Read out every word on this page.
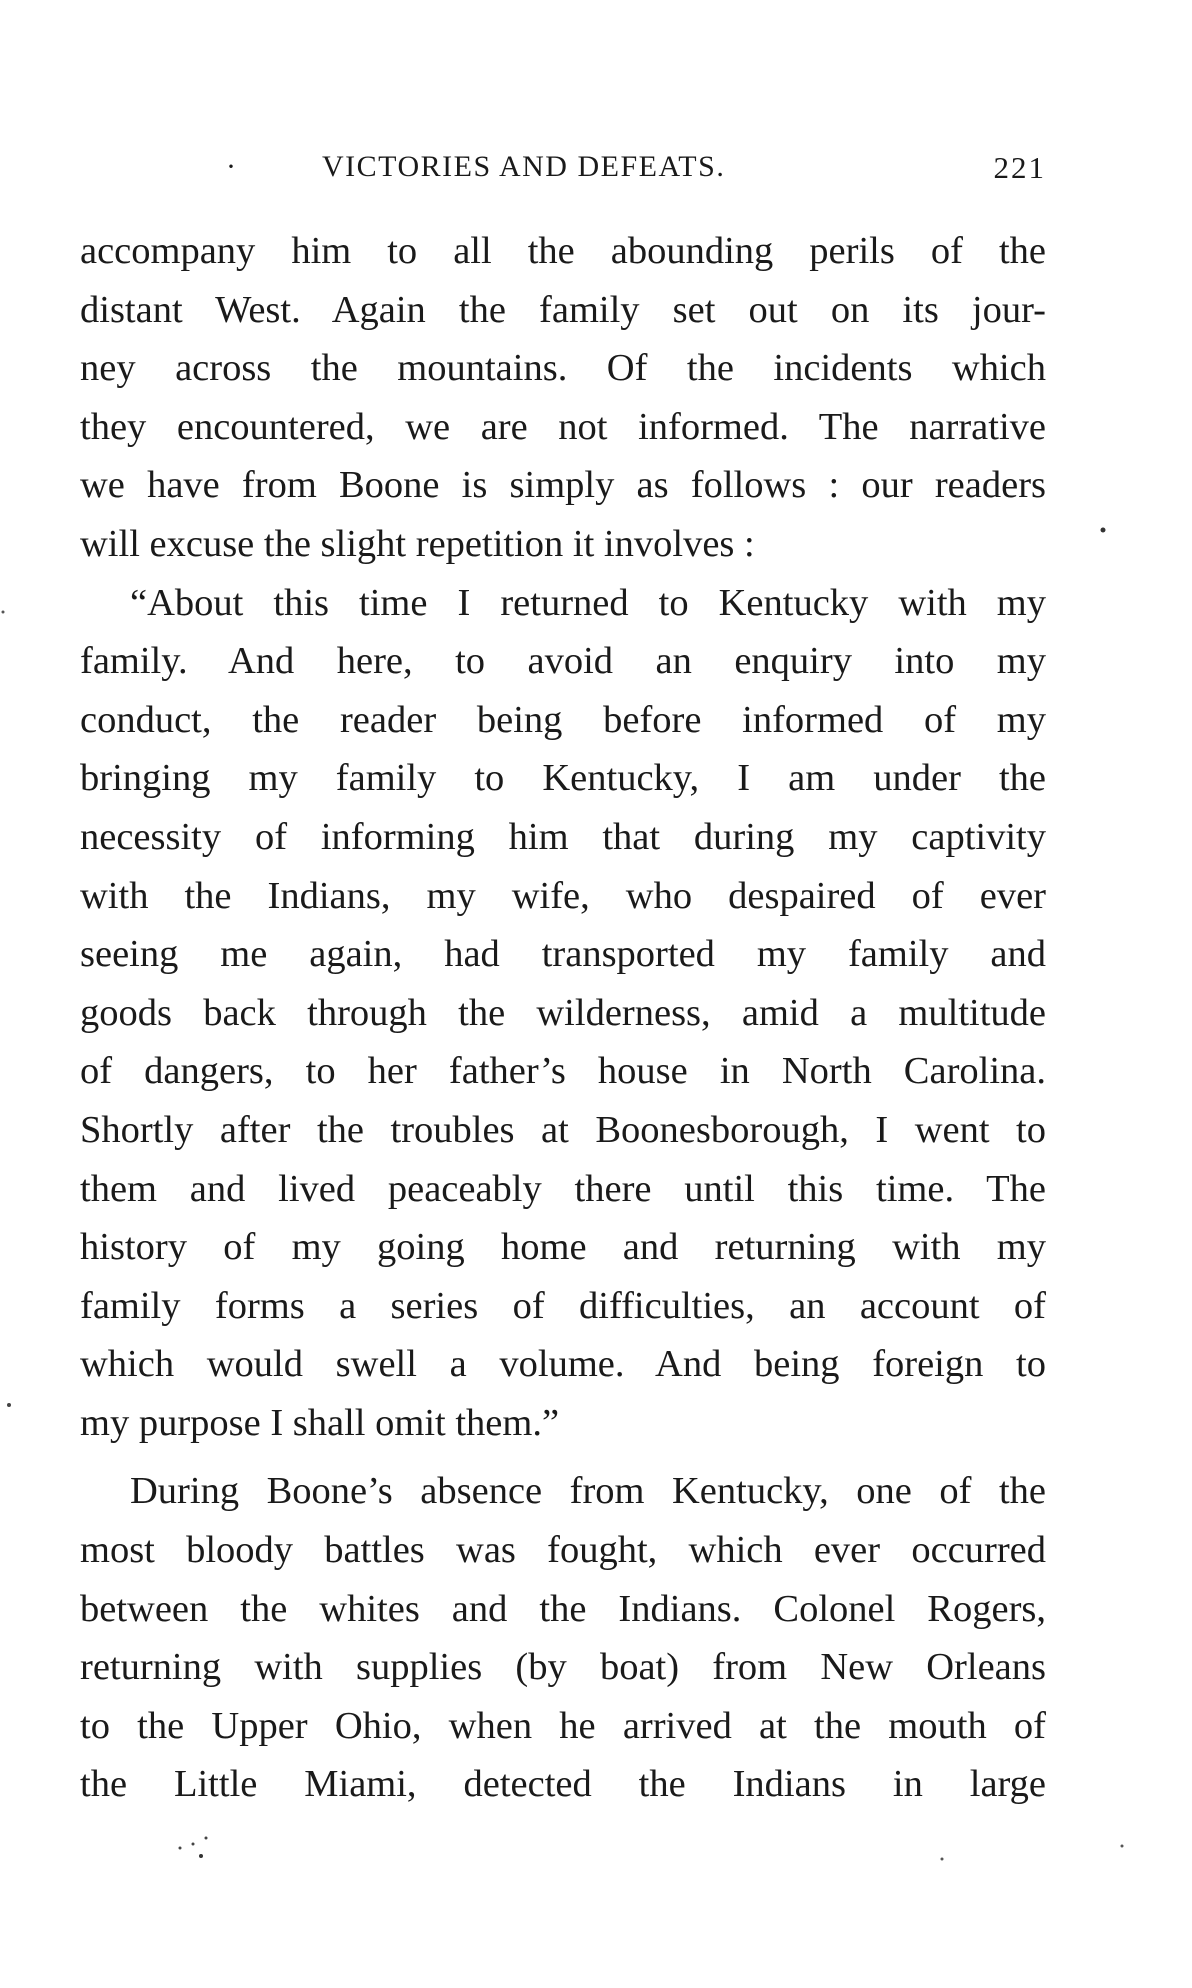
·	VICTORIES AND DEFEATS.	221
accompany him to all the abounding perils of the
distant West. Again the family set out on its jour-
ney across the mountains. Of the incidents which
they encountered, we are not informed. The narrative
we have from Boone is simply as follows : our readers
will excuse the slight repetition it involves :
“About this time I returned to Kentucky with my
family. And here, to avoid an enquiry into my
conduct, the reader being before informed of my
bringing my family to Kentucky, I am under the
necessity of informing him that during my captivity
with the Indians, my wife, who despaired of ever
seeing me again, had transported my family and
goods back through the wilderness, amid a multitude
of dangers, to her father’s house in North Carolina.
Shortly after the troubles at Boonesborough, I went to
them and lived peaceably there until this time. The
history of my going home and returning with my
family forms a series of difficulties, an account of
which would swell a volume. And being foreign to
my purpose I shall omit them.”
During Boone’s absence from Kentucky, one of the
most bloody battles was fought, which ever occurred
between the whites and the Indians. Colonel Rogers,
returning with supplies (by boat) from New Orleans
to the Upper Ohio, when he arrived at the mouth of
the Little Miami, detected the Indians in large
